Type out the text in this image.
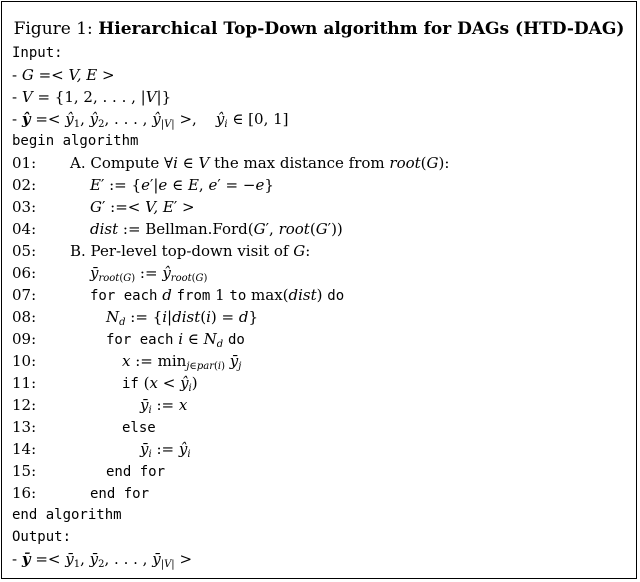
Figure 1: Hierarchical Top-Down algorithm for DAGs (HTD-DAG)
Input:
- G =< V, E >
- V = {1, 2, . . . , |V|}
- ŷ =< $ŷ_1$, $ŷ_2$, . . . , $ŷ_{|V|}$ >,    $ŷ_i$ ∈ [0, 1]
begin algorithm
01: A. Compute ∀i ∈ V the max distance from root(G):
02:	E′ := {e′|e ∈ E, e′ = −e}
03:	G′ :=< V, E′ >
04:	dist := Bellman.Ford(G′, root(G′))
05: B. Per-level top-down visit of G:
06:	$ȳ_{root(G)}$ := $ŷ_{root(G)}$
07:	for each d from 1 to max(dist) do
08:	$N_d$ := {i|dist(i) = d}
09:	for each i ∈ $N_d$ do
10:	x := $\min_{j\in par(i)}$ $ȳ_j$
11:	if $(x < ŷ_i)$
12:	$ȳ_i$ := x
13:	else
14:	$ȳ_i$ := $ŷ_i$
15:	end for
16:	end for
end algorithm
Output:
- ȳ =< $ȳ_1$, $ȳ_2$, . . . , $ȳ_{|V|}$ >
